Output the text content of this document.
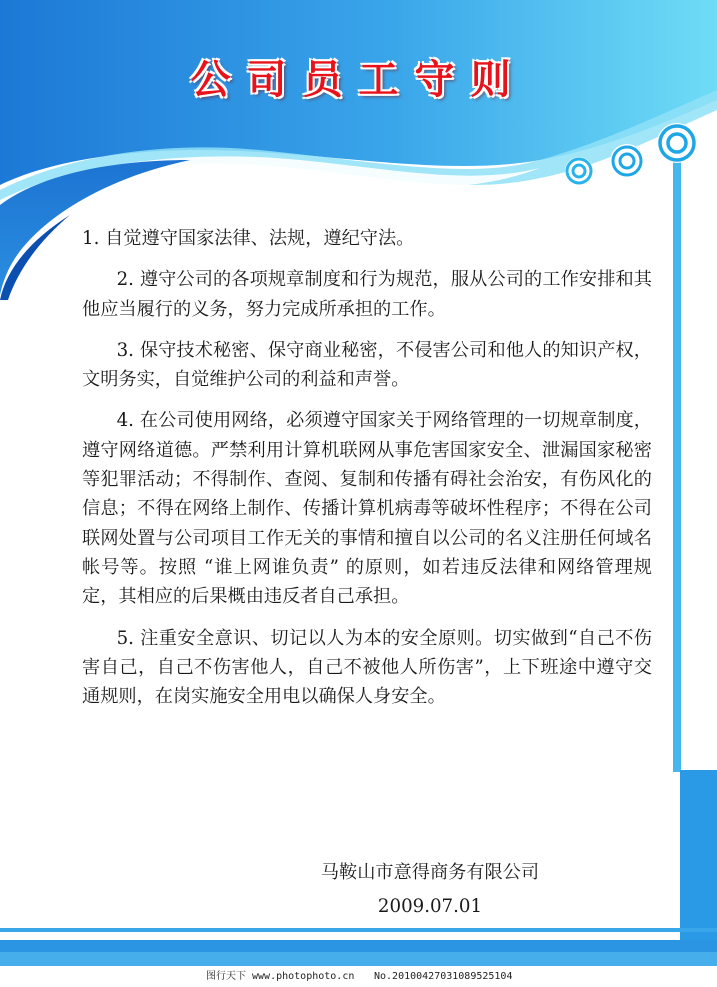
公司员工守则

1. 自觉遵守国家法律、法规，遵纪守法。

2. 遵守公司的各项规章制度和行为规范，服从公司的工作安排和其他应当履行的义务，努力完成所承担的工作。

3. 保守技术秘密、保守商业秘密，不侵害公司和他人的知识产权，文明务实，自觉维护公司的利益和声誉。

4. 在公司使用网络，必须遵守国家关于网络管理的一切规章制度，遵守网络道德。严禁利用计算机联网从事危害国家安全、泄漏国家秘密等犯罪活动；不得制作、查阅、复制和传播有碍社会治安，有伤风化的信息；不得在网络上制作、传播计算机病毒等破坏性程序；不得在公司联网处置与公司项目工作无关的事情和擅自以公司的名义注册任何域名帐号等。按照 “谁上网谁负责” 的原则，如若违反法律和网络管理规定，其相应的后果概由违反者自己承担。

5. 注重安全意识、切记以人为本的安全原则。切实做到“自己不伤害自己，自己不伤害他人，自己不被他人所伤害”，上下班途中遵守交通规则，在岗实施安全用电以确保人身安全。

马鞍山市意得商务有限公司
2009.07.01
图行天下 www.photophoto.cn No.20100427031089525104
